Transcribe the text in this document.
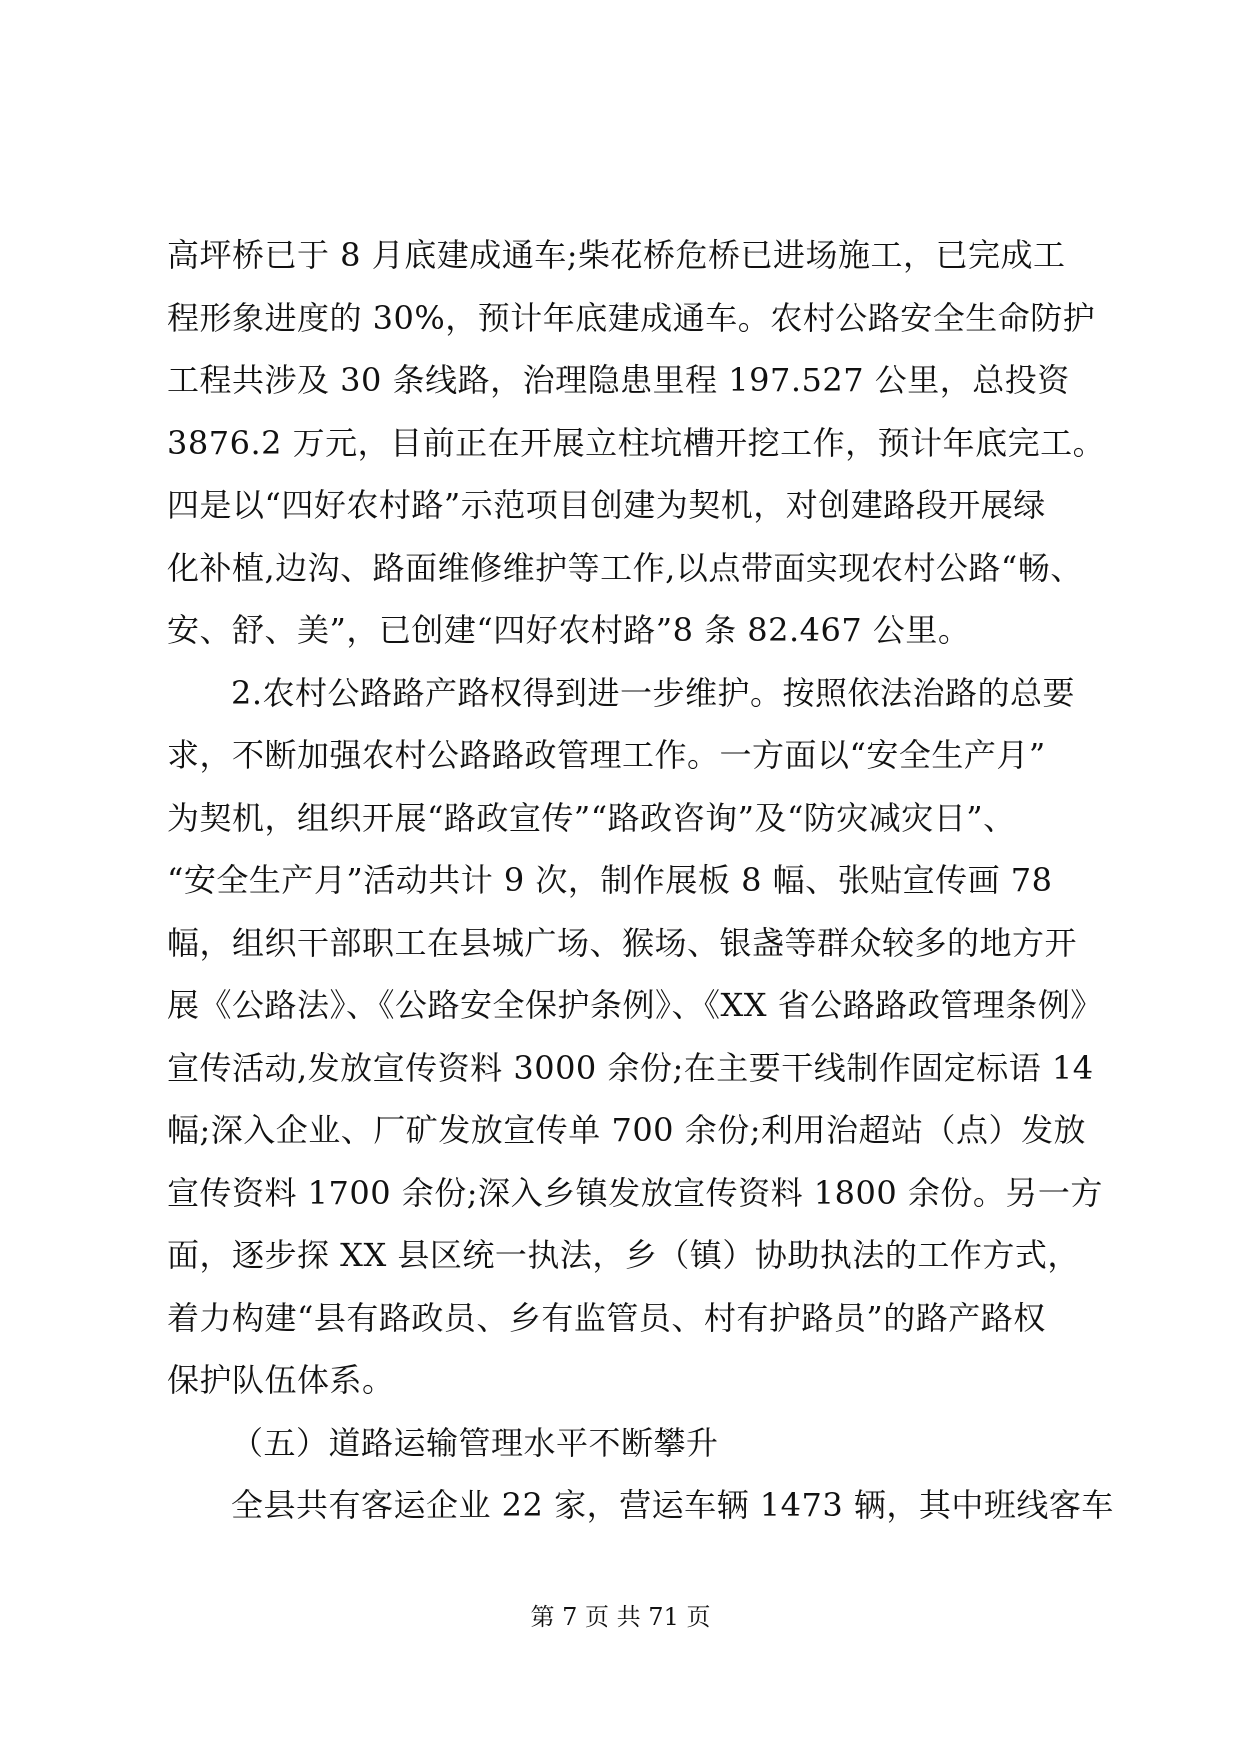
高坪桥已于 8 月底建成通车;柴花桥危桥已进场施工，已完成工
程形象进度的 30%，预计年底建成通车。农村公路安全生命防护
工程共涉及 30 条线路，治理隐患里程 197.527 公里，总投资
3876.2 万元，目前正在开展立柱坑槽开挖工作，预计年底完工。
四是以“四好农村路”示范项目创建为契机，对创建路段开展绿
化补植,边沟、路面维修维护等工作,以点带面实现农村公路“畅、
安、舒、美”，已创建“四好农村路”8 条 82.467 公里。
2.农村公路路产路权得到进一步维护。按照依法治路的总要
求，不断加强农村公路路政管理工作。一方面以“安全生产月”
为契机，组织开展“路政宣传”“路政咨询”及“防灾减灾日”、
“安全生产月”活动共计 9 次，制作展板 8 幅、张贴宣传画 78
幅，组织干部职工在县城广场、猴场、银盏等群众较多的地方开
展《公路法》、《公路安全保护条例》、《XX 省公路路政管理条例》
宣传活动,发放宣传资料 3000 余份;在主要干线制作固定标语 14
幅;深入企业、厂矿发放宣传单 700 余份;利用治超站（点）发放
宣传资料 1700 余份;深入乡镇发放宣传资料 1800 余份。另一方
面，逐步探 XX 县区统一执法，乡（镇）协助执法的工作方式，
着力构建“县有路政员、乡有监管员、村有护路员”的路产路权
保护队伍体系。
（五）道路运输管理水平不断攀升
全县共有客运企业 22 家，营运车辆 1473 辆，其中班线客车
第 7 页 共 71 页
